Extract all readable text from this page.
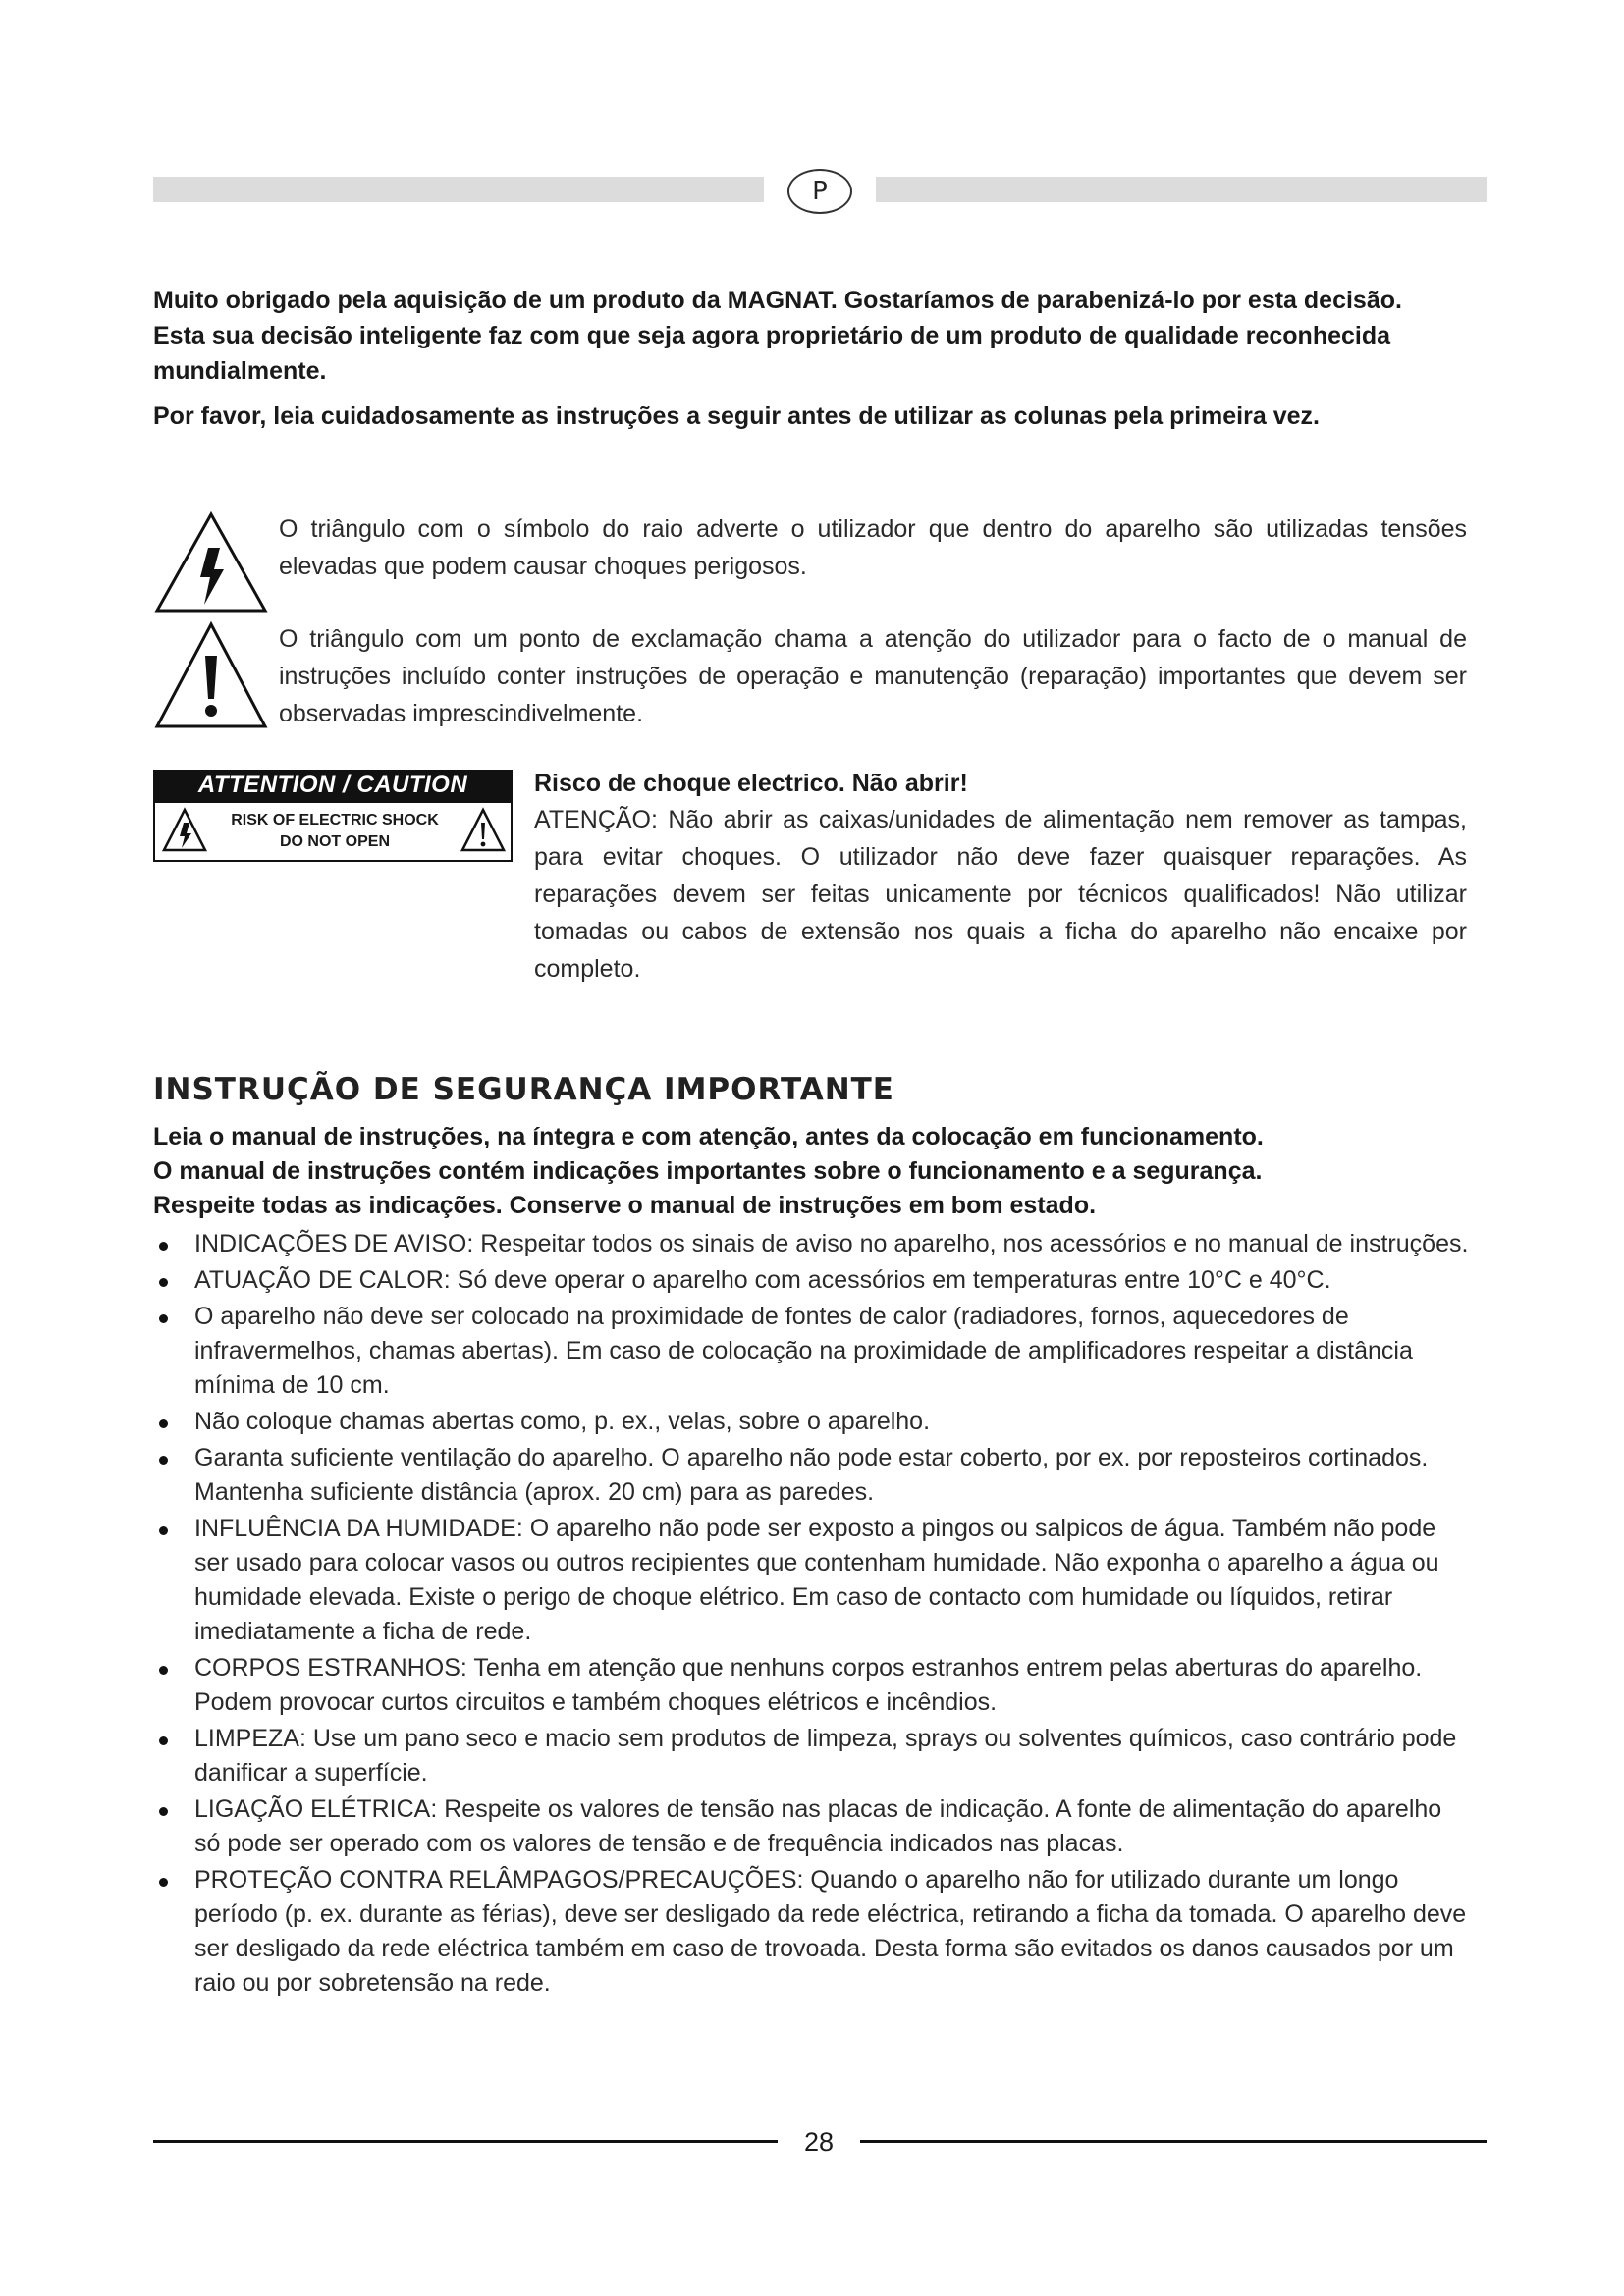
P

Muito obrigado pela aquisição de um produto da MAGNAT. Gostaríamos de parabenizá-lo por esta decisão. Esta sua decisão inteligente faz com que seja agora proprietário de um produto de qualidade reconhecida mundialmente.

Por favor, leia cuidadosamente as instruções a seguir antes de utilizar as colunas pela primeira vez.

O triângulo com o símbolo do raio adverte o utilizador que dentro do aparelho são utilizadas tensões elevadas que podem causar choques perigosos.
O triângulo com um ponto de exclamação chama a atenção do utilizador para o facto de o manual de instruções incluído conter instruções de operação e manutenção (reparação) importantes que devem ser observadas imprescindivelmente.
ATTENTION / CAUTION
RISK OF ELECTRIC SHOCK
DO NOT OPEN
Risco de choque electrico. Não abrir!
ATENÇÃO: Não abrir as caixas/unidades de alimentação nem remover as tampas, para evitar choques. O utilizador não deve fazer quaisquer reparações. As reparações devem ser feitas unicamente por técnicos qualificados! Não utilizar tomadas ou cabos de extensão nos quais a ficha do aparelho não encaixe por completo.
INSTRUÇÃO DE SEGURANÇA IMPORTANTE
Leia o manual de instruções, na íntegra e com atenção, antes da colocação em funcionamento.
O manual de instruções contém indicações importantes sobre o funcionamento e a segurança.
Respeite todas as indicações. Conserve o manual de instruções em bom estado.
INDICAÇÕES DE AVISO: Respeitar todos os sinais de aviso no aparelho, nos acessórios e no manual de instruções.
ATUAÇÃO DE CALOR: Só deve operar o aparelho com acessórios em temperaturas entre 10°C e 40°C.
O aparelho não deve ser colocado na proximidade de fontes de calor (radiadores, fornos, aquecedores de infravermelhos, chamas abertas). Em caso de colocação na proximidade de amplificadores respeitar a distância mínima de 10 cm.
Não coloque chamas abertas como, p. ex., velas, sobre o aparelho.
Garanta suficiente ventilação do aparelho. O aparelho não pode estar coberto, por ex. por reposteiros cortinados. Mantenha suficiente distância (aprox. 20 cm) para as paredes.
INFLUÊNCIA DA HUMIDADE: O aparelho não pode ser exposto a pingos ou salpicos de água. Também não pode ser usado para colocar vasos ou outros recipientes que contenham humidade. Não exponha o aparelho a água ou humidade elevada. Existe o perigo de choque elétrico. Em caso de contacto com humidade ou líquidos, retirar imediatamente a ficha de rede.
CORPOS ESTRANHOS: Tenha em atenção que nenhuns corpos estranhos entrem pelas aberturas do aparelho. Podem provocar curtos circuitos e também choques elétricos e incêndios.
LIMPEZA: Use um pano seco e macio sem produtos de limpeza, sprays ou solventes químicos, caso contrário pode danificar a superfície.
LIGAÇÃO ELÉTRICA: Respeite os valores de tensão nas placas de indicação. A fonte de alimentação do aparelho só pode ser operado com os valores de tensão e de frequência indicados nas placas.
PROTEÇÃO CONTRA RELÂMPAGOS/PRECAUÇÕES: Quando o aparelho não for utilizado durante um longo período (p. ex. durante as férias), deve ser desligado da rede eléctrica, retirando a ficha da tomada. O aparelho deve ser desligado da rede eléctrica também em caso de trovoada. Desta forma são evitados os danos causados por um raio ou por sobretensão na rede.
28
